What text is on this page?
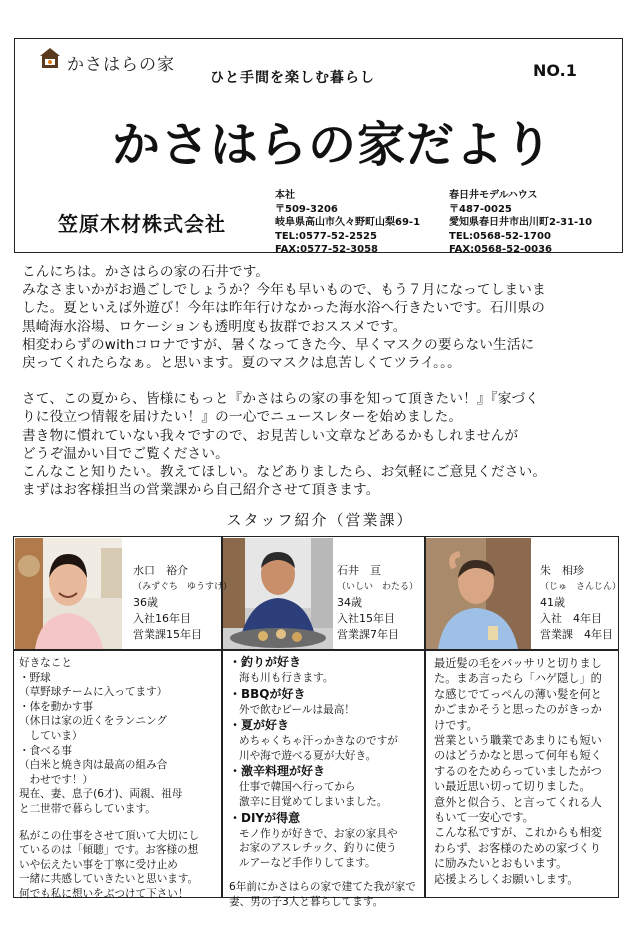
かさはらの家
ひと手間を楽しむ暮らし	NO.1
かさはらの家だより
笠原木材株式会社
本社
〒509-3206
岐阜県高山市久々野町山梨69-1
TEL:0577-52-2525
FAX:0577-52-3058
春日井モデルハウス
〒487-0025
愛知県春日井市出川町2-31-10
TEL:0568-52-1700
FAX:0568-52-0036

こんにちは。かさはらの家の石井です。

みなさまいかがお過ごしでしょうか？今年も早いもので、もう７月になってしまいま

した。夏といえば外遊び！今年は昨年行けなかった海水浴へ行きたいです。石川県の

黒崎海水浴場、ロケーションも透明度も抜群でおススメです。

相変わらずのwithコロナですが、暑くなってきた今、早くマスクの要らない生活に

戻ってくれたらなぁ。と思います。夏のマスクは息苦しくてツライ。。。

さて、この夏から、皆様にもっと『かさはらの家の事を知って頂きたい！』『家づく

りに役立つ情報を届けたい！』の一心でニュースレターを始めました。

書き物に慣れていない我々ですので、お見苦しい文章などあるかもしれませんが

どうぞ温かい目でご覧ください。

こんなこと知りたい。教えてほしい。などありましたら、お気軽にご意見ください。

まずはお客様担当の営業課から自己紹介させて頂きます。

スタッフ紹介（営業課）
水口　裕介
（みずぐち　ゆうすけ）
36歳
入社16年目
営業課15年目
石井　亘
（いしい　わたる）
34歳
入社15年目
営業課7年目
朱　相珍
（じゅ　さんじん）
41歳
入社　4年目
営業課　4年目
好きなこと
・野球
（草野球チームに入ってます）
・体を動かす事
（休日は家の近くをランニング
　していま）
・食べる事
（白米と焼き肉は最高の組み合
　わせです！）
現在、妻、息子(6才)、両親、祖母
と二世帯で暮らしています。
私がこの仕事をさせて頂いて大切にし
ているのは「傾聴」です。お客様の想
いや伝えたい事を丁寧に受け止め
一緒に共感していきたいと思います。
何でも私に想いをぶつけて下さい！
・釣りが好き
海も川も行きます。
・BBQが好き
外で飲むビールは最高！
・夏が好き
めちゃくちゃ汗っかきなのですが
川や海で遊べる夏が大好き。
・激辛料理が好き
仕事で韓国へ行ってから
激辛に目覚めてしまいました。
・DIYが得意
モノ作りが好きで、お家の家具や
お家のアスレチック、釣りに使う
ルアーなど手作りしてます。
6年前にかさはらの家で建てた我が家で
妻、男の子3人と暮らしてます。
最近髪の毛をバッサリと切りまし
た。まあ言ったら「ハゲ隠し」的
な感じでてっぺんの薄い髪を何と
かごまかそうと思ったのがきっか
けです。
営業という職業であまりにも短い
のはどうかなと思って何年も短く
するのをためらっていましたがつ
い最近思い切って切りました。
意外と似合う、と言ってくれる人
もいて一安心です。
こんな私ですが、これからも相変
わらず、お客様のための家づくり
に励みたいとおもいます。
応援よろしくお願いします。
